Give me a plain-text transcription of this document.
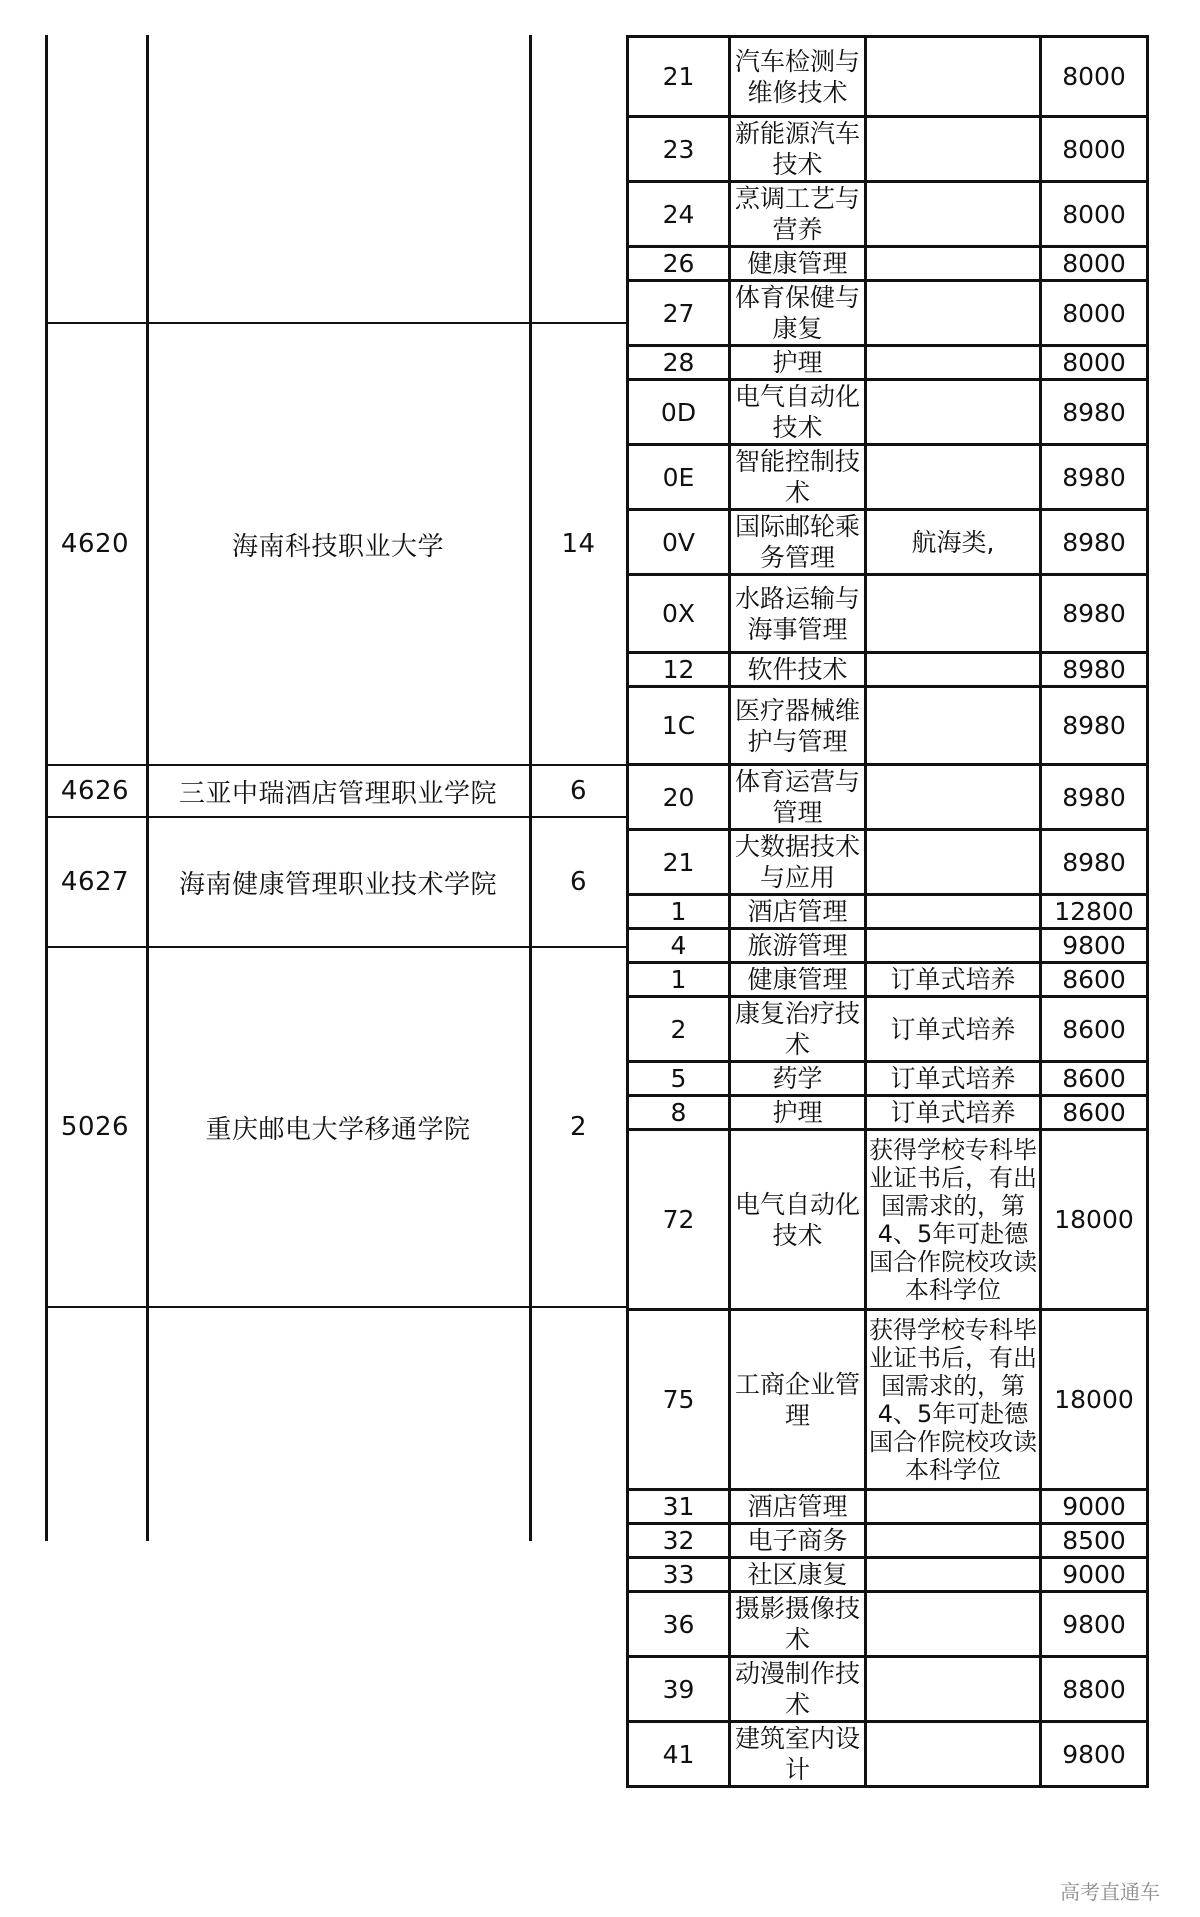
4620	海南科技职业大学	14
4626	三亚中瑞酒店管理职业学院	6
4627	海南健康管理职业技术学院	6
5026	重庆邮电大学移通学院	2
21	汽车检测与维修技术		8000
23	新能源汽车技术		8000
24	烹调工艺与营养		8000
26	健康管理		8000
27	体育保健与康复		8000
28	护理		8000
0D	电气自动化技术		8980
0E	智能控制技术		8980
0V	国际邮轮乘务管理	航海类,	8980
0X	水路运输与海事管理		8980
12	软件技术		8980
1C	医疗器械维护与管理		8980
20	体育运营与管理		8980
21	大数据技术与应用		8980
1	酒店管理		12800
4	旅游管理		9800
1	健康管理	订单式培养	8600
2	康复治疗技术	订单式培养	8600
5	药学	订单式培养	8600
8	护理	订单式培养	8600
72	电气自动化技术	获得学校专科毕业证书后，有出国需求的，第4、5年可赴德国合作院校攻读本科学位	18000
75	工商企业管理	获得学校专科毕业证书后，有出国需求的，第4、5年可赴德国合作院校攻读本科学位	18000
31	酒店管理		9000
32	电子商务		8500
33	社区康复		9000
36	摄影摄像技术		9800
39	动漫制作技术		8800
41	建筑室内设计		9800
高考直通车
